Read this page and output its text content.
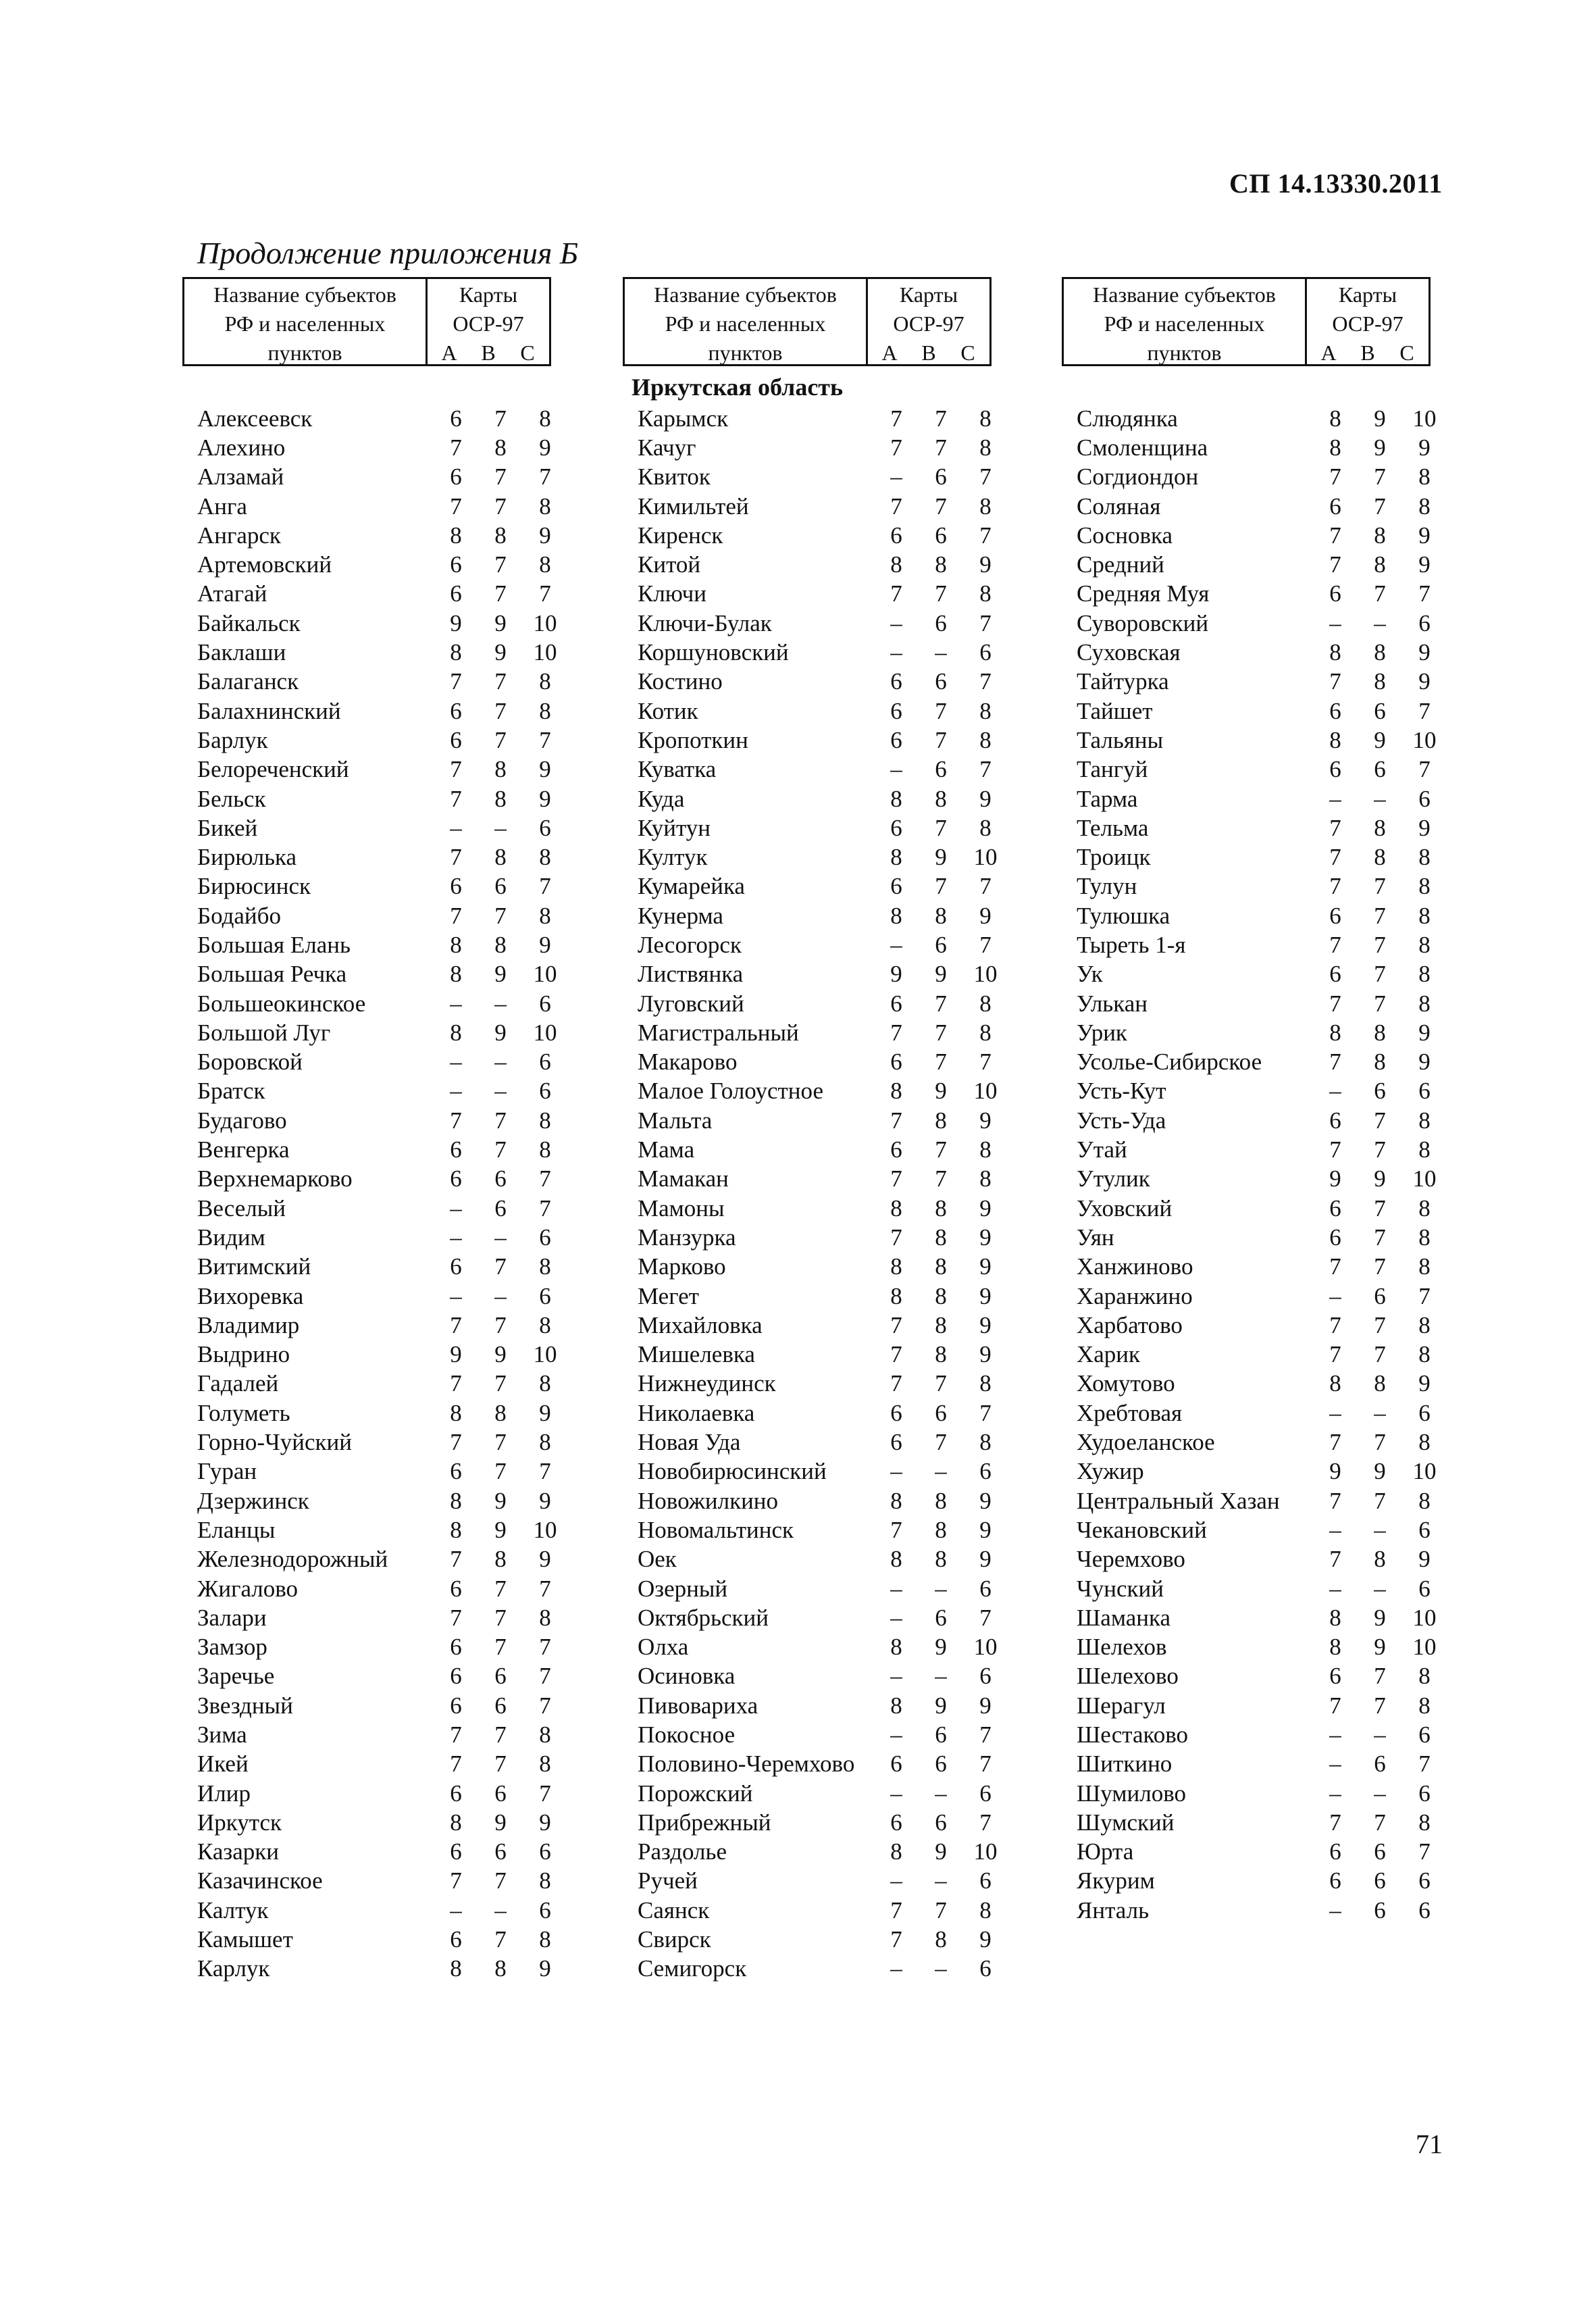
СП 14.13330.2011
Продолжение приложения Б
Название субъектов
РФ и населенных
пунктов
Карты
ОСР-97
А	В	С
Название субъектов
РФ и населенных
пунктов
Карты
ОСР-97
А	В	С
Название субъектов
РФ и населенных
пунктов
Карты
ОСР-97
А	В	С
Иркутская область
Алексеевск	6	7	8
Алехино	7	8	9
Алзамай	6	7	7
Анга	7	7	8
Ангарск	8	8	9
Артемовский	6	7	8
Атагай	6	7	7
Байкальск	9	9	10
Баклаши	8	9	10
Балаганск	7	7	8
Балахнинский	6	7	8
Барлук	6	7	7
Белореченский	7	8	9
Бельск	7	8	9
Бикей	–	–	6
Бирюлька	7	8	8
Бирюсинск	6	6	7
Бодайбо	7	7	8
Большая Елань	8	8	9
Большая Речка	8	9	10
Большеокинское	–	–	6
Большой Луг	8	9	10
Боровской	–	–	6
Братск	–	–	6
Будагово	7	7	8
Венгерка	6	7	8
Верхнемарково	6	6	7
Веселый	–	6	7
Видим	–	–	6
Витимский	6	7	8
Вихоревка	–	–	6
Владимир	7	7	8
Выдрино	9	9	10
Гадалей	7	7	8
Голуметь	8	8	9
Горно-Чуйский	7	7	8
Гуран	6	7	7
Дзержинск	8	9	9
Еланцы	8	9	10
Железнодорожный	7	8	9
Жигалово	6	7	7
Залари	7	7	8
Замзор	6	7	7
Заречье	6	6	7
Звездный	6	6	7
Зима	7	7	8
Икей	7	7	8
Илир	6	6	7
Иркутск	8	9	9
Казарки	6	6	6
Казачинское	7	7	8
Калтук	–	–	6
Камышет	6	7	8
Карлук	8	8	9
Карымск	7	7	8
Качуг	7	7	8
Квиток	–	6	7
Кимильтей	7	7	8
Киренск	6	6	7
Китой	8	8	9
Ключи	7	7	8
Ключи-Булак	–	6	7
Коршуновский	–	–	6
Костино	6	6	7
Котик	6	7	8
Кропоткин	6	7	8
Куватка	–	6	7
Куда	8	8	9
Куйтун	6	7	8
Култук	8	9	10
Кумарейка	6	7	7
Кунерма	8	8	9
Лесогорск	–	6	7
Листвянка	9	9	10
Луговский	6	7	8
Магистральный	7	7	8
Макарово	6	7	7
Малое Голоустное	8	9	10
Мальта	7	8	9
Мама	6	7	8
Мамакан	7	7	8
Мамоны	8	8	9
Манзурка	7	8	9
Марково	8	8	9
Мегет	8	8	9
Михайловка	7	8	9
Мишелевка	7	8	9
Нижнеудинск	7	7	8
Николаевка	6	6	7
Новая Уда	6	7	8
Новобирюсинский	–	–	6
Новожилкино	8	8	9
Новомальтинск	7	8	9
Оек	8	8	9
Озерный	–	–	6
Октябрьский	–	6	7
Олха	8	9	10
Осиновка	–	–	6
Пивовариха	8	9	9
Покосное	–	6	7
Половино-Черемхово	6	6	7
Порожский	–	–	6
Прибрежный	6	6	7
Раздолье	8	9	10
Ручей	–	–	6
Саянск	7	7	8
Свирск	7	8	9
Семигорск	–	–	6
Слюдянка	8	9	10
Смоленщина	8	9	9
Согдиондон	7	7	8
Соляная	6	7	8
Сосновка	7	8	9
Средний	7	8	9
Средняя Муя	6	7	7
Суворовский	–	–	6
Суховская	8	8	9
Тайтурка	7	8	9
Тайшет	6	6	7
Тальяны	8	9	10
Тангуй	6	6	7
Тарма	–	–	6
Тельма	7	8	9
Троицк	7	8	8
Тулун	7	7	8
Тулюшка	6	7	8
Тыреть 1-я	7	7	8
Ук	6	7	8
Улькан	7	7	8
Урик	8	8	9
Усолье-Сибирское	7	8	9
Усть-Кут	–	6	6
Усть-Уда	6	7	8
Утай	7	7	8
Утулик	9	9	10
Уховский	6	7	8
Уян	6	7	8
Ханжиново	7	7	8
Харанжино	–	6	7
Харбатово	7	7	8
Харик	7	7	8
Хомутово	8	8	9
Хребтовая	–	–	6
Худоеланское	7	7	8
Хужир	9	9	10
Центральный Хазан	7	7	8
Чекановский	–	–	6
Черемхово	7	8	9
Чунский	–	–	6
Шаманка	8	9	10
Шелехов	8	9	10
Шелехово	6	7	8
Шерагул	7	7	8
Шестаково	–	–	6
Шиткино	–	6	7
Шумилово	–	–	6
Шумский	7	7	8
Юрта	6	6	7
Якурим	6	6	6
Янталь	–	6	6
71
